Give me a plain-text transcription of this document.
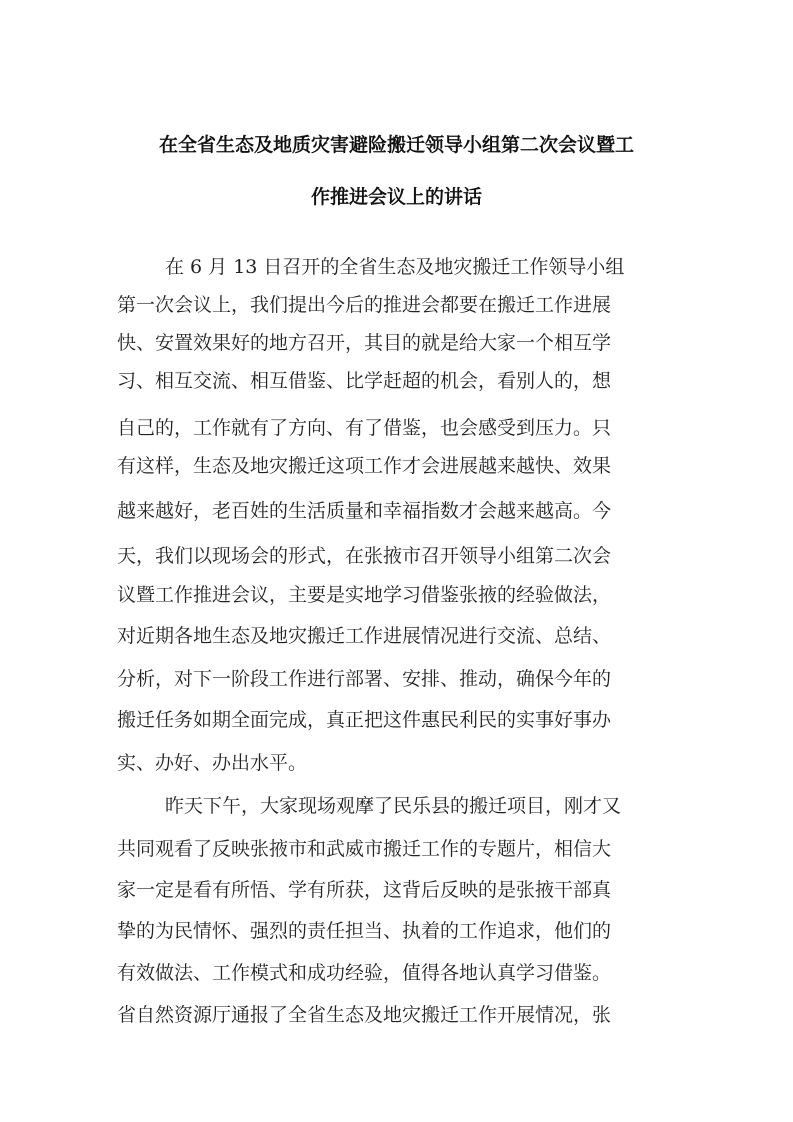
在全省生态及地质灾害避险搬迁领导小组第二次会议暨工
作推进会议上的讲话
在 6 月 13 日召开的全省生态及地灾搬迁工作领导小组
第一次会议上，我们提出今后的推进会都要在搬迁工作进展
快、安置效果好的地方召开，其目的就是给大家一个相互学
习、相互交流、相互借鉴、比学赶超的机会，看别人的，想
自己的，工作就有了方向、有了借鉴，也会感受到压力。只
有这样，生态及地灾搬迁这项工作才会进展越来越快、效果
越来越好，老百姓的生活质量和幸福指数才会越来越高。今
天，我们以现场会的形式，在张掖市召开领导小组第二次会
议暨工作推进会议，主要是实地学习借鉴张掖的经验做法，
对近期各地生态及地灾搬迁工作进展情况进行交流、总结、
分析，对下一阶段工作进行部署、安排、推动，确保今年的
搬迁任务如期全面完成，真正把这件惠民利民的实事好事办
实、办好、办出水平。
昨天下午，大家现场观摩了民乐县的搬迁项目，刚才又
共同观看了反映张掖市和武威市搬迁工作的专题片，相信大
家一定是看有所悟、学有所获，这背后反映的是张掖干部真
挚的为民情怀、强烈的责任担当、执着的工作追求，他们的
有效做法、工作模式和成功经验，值得各地认真学习借鉴。
省自然资源厅通报了全省生态及地灾搬迁工作开展情况，张
